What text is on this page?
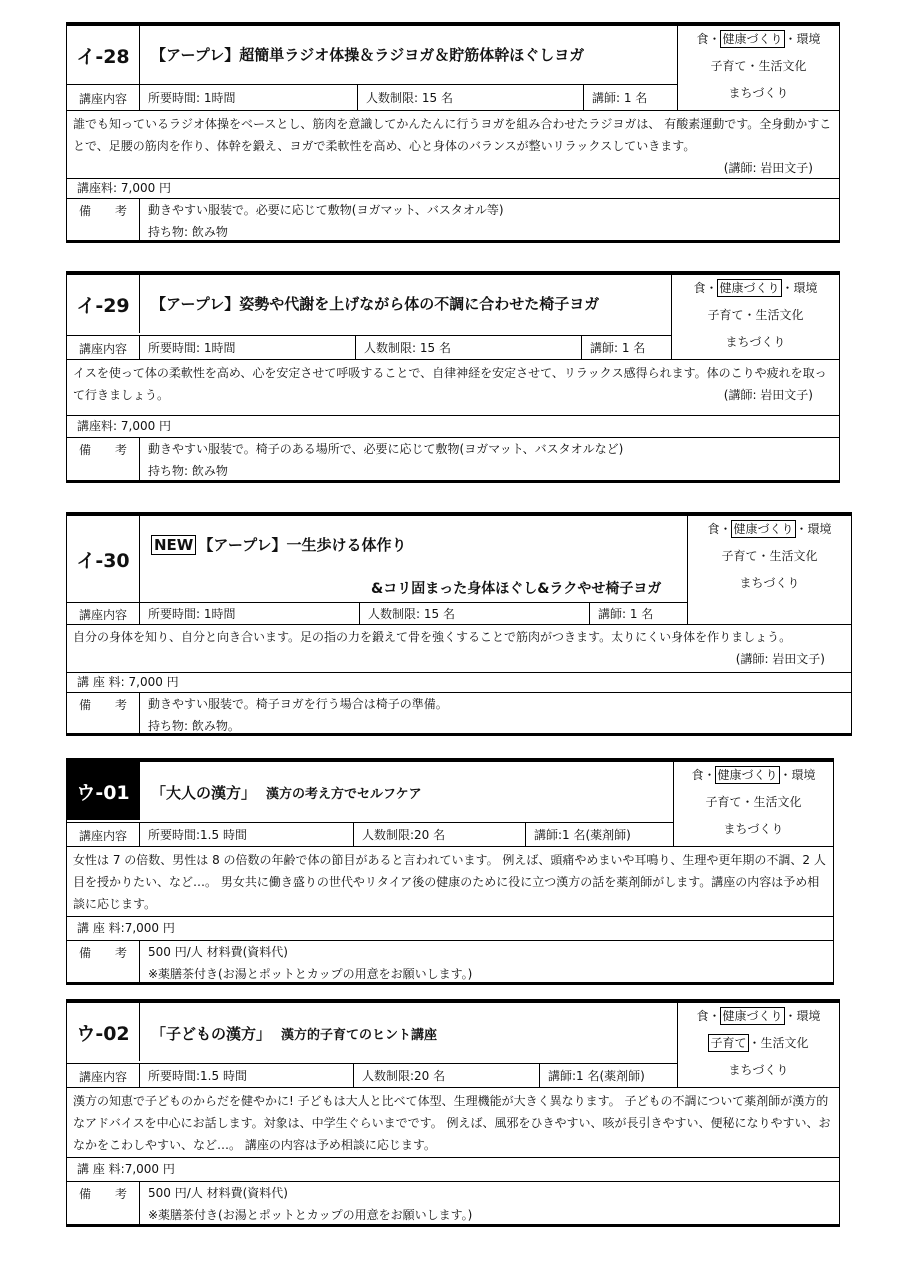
イ-28	【アープレ】超簡単ラジオ体操＆ラジヨガ＆貯筋体幹ほぐしヨガ
食・ 健康づくり ・環境
子育て・生活文化
まちづくり
講座内容	所要時間: 1時間	人数制限: 15 名	講師: 1 名
誰でも知っているラジオ体操をベースとし、筋肉を意識してかんたんに行うヨガを組み合わせたラジヨガは、 有酸素運動です。全身動かすことで、足腰の筋肉を作り、体幹を鍛え、ヨガで柔軟性を高め、心と身体のバランスが整いリラックスしていきます。
(講師: 岩田文子)
講座料: 7,000 円
備　　考	動きやすい服装で。必要に応じて敷物(ヨガマット、バスタオル等)
持ち物: 飲み物
イ-29	【アープレ】姿勢や代謝を上げながら体の不調に合わせた椅子ヨガ
食・ 健康づくり ・環境
子育て・生活文化
まちづくり
講座内容	所要時間: 1時間	人数制限: 15 名	講師: 1 名
イスを使って体の柔軟性を高め、心を安定させて呼吸することで、自律神経を安定させて、リラックス感得られます。体のこりや疲れを取って行きましょう。	(講師: 岩田文子)
講座料: 7,000 円
備　　考	動きやすい服装で。椅子のある場所で、必要に応じて敷物(ヨガマット、バスタオルなど)
持ち物: 飲み物
イ-30
NEW 【アープレ】一生歩ける体作り
&コリ固まった身体ほぐし&ラクやせ椅子ヨガ
食・ 健康づくり ・環境
子育て・生活文化
まちづくり
講座内容	所要時間: 1時間	人数制限: 15 名	講師: 1 名
自分の身体を知り、自分と向き合います。足の指の力を鍛えて骨を強くすることで筋肉がつきます。太りにくい身体を作りましょう。
(講師: 岩田文子)
講 座 料: 7,000 円
備　　考	動きやすい服装で。椅子ヨガを行う場合は椅子の準備。
持ち物: 飲み物。
ウ-01	「大人の漢方」 漢方の考え方でセルフケア
食・ 健康づくり ・環境
子育て・生活文化
まちづくり
講座内容	所要時間:1.5 時間	人数制限:20 名	講師:1 名(薬剤師)
女性は 7 の倍数、男性は 8 の倍数の年齢で体の節目があると言われています。 例えば、頭痛やめまいや耳鳴り、生理や更年期の不調、2 人目を授かりたい、など…。 男女共に働き盛りの世代やリタイア後の健康のために役に立つ漢方の話を薬剤師がします。講座の内容は予め相談に応じます。
講 座 料:7,000 円
備　　考	500 円/人 材料費(資料代)
※薬膳茶付き(お湯とポットとカップの用意をお願いします。)
ウ-02	「子どもの漢方」 漢方的子育てのヒント講座
食・ 健康づくり ・環境
子育て ・生活文化
まちづくり
講座内容	所要時間:1.5 時間	人数制限:20 名	講師:1 名(薬剤師)
漢方の知恵で子どものからだを健やかに! 子どもは大人と比べて体型、生理機能が大きく異なります。 子どもの不調について薬剤師が漢方的なアドバイスを中心にお話します。対象は、中学生ぐらいまでです。 例えば、風邪をひきやすい、咳が長引きやすい、便秘になりやすい、おなかをこわしやすい、など…。 講座の内容は予め相談に応じます。
講 座 料:7,000 円
備　　考	500 円/人 材料費(資料代)
※薬膳茶付き(お湯とポットとカップの用意をお願いします。)
